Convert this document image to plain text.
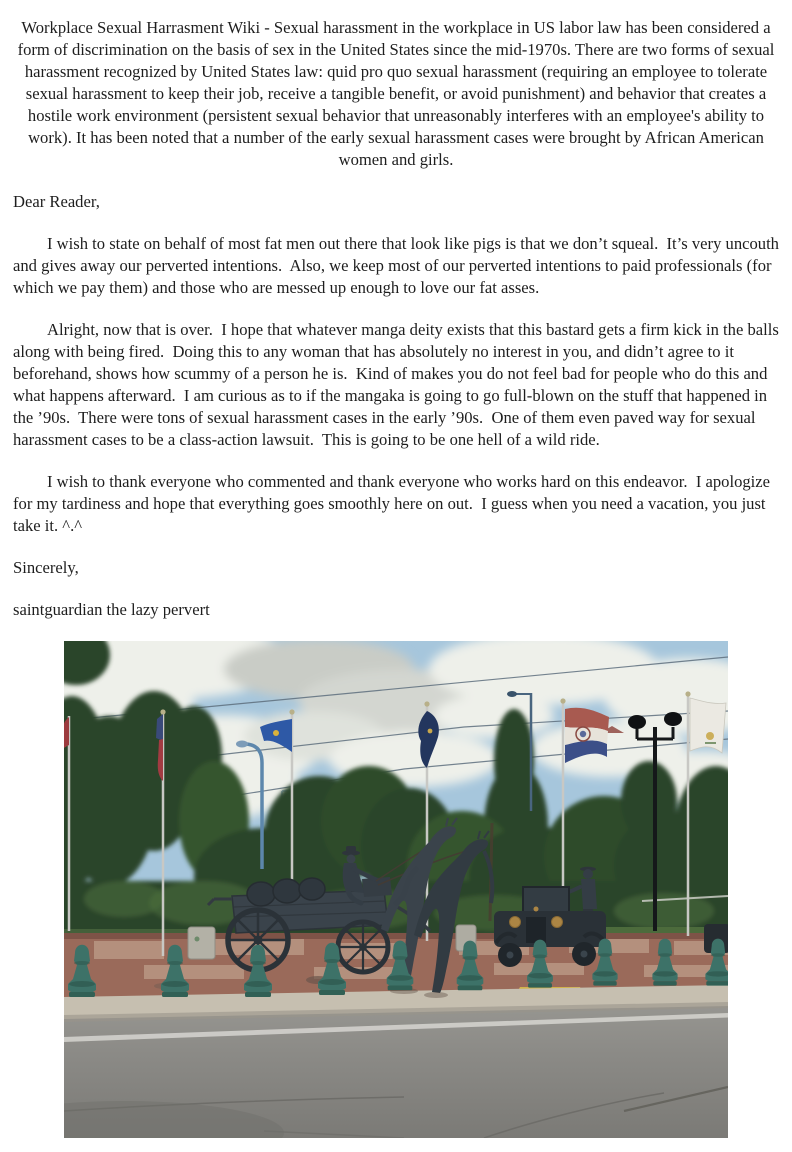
Workplace Sexual Harrasment Wiki - Sexual harassment in the workplace in US labor law has been considered a form of discrimination on the basis of sex in the United States since the mid-1970s. There are two forms of sexual harassment recognized by United States law: quid pro quo sexual harassment (requiring an employee to tolerate sexual harassment to keep their job, receive a tangible benefit, or avoid punishment) and behavior that creates a hostile work environment (persistent sexual behavior that unreasonably interferes with an employee's ability to work). It has been noted that a number of the early sexual harassment cases were brought by African American women and girls.

Dear Reader,

I wish to state on behalf of most fat men out there that look like pigs is that we don’t squeal.  It’s very uncouth and gives away our perverted intentions.  Also, we keep most of our perverted intentions to paid professionals (for which we pay them) and those who are messed up enough to love our fat asses.

Alright, now that is over.  I hope that whatever manga deity exists that this bastard gets a firm kick in the balls along with being fired.  Doing this to any woman that has absolutely no interest in you, and didn’t agree to it beforehand, shows how scummy of a person he is.  Kind of makes you do not feel bad for people who do this and what happens afterward.  I am curious as to if the mangaka is going to go full-blown on the stuff that happened in the ’90s.  There were tons of sexual harassment cases in the early ’90s.  One of them even paved way for sexual harassment cases to be a class-action lawsuit.  This is going to be one hell of a wild ride.

I wish to thank everyone who commented and thank everyone who works hard on this endeavor.  I apologize for my tardiness and hope that everything goes smoothly here on out.  I guess when you need a vacation, you just take it. ^.^

Sincerely,

saintguardian the lazy pervert
